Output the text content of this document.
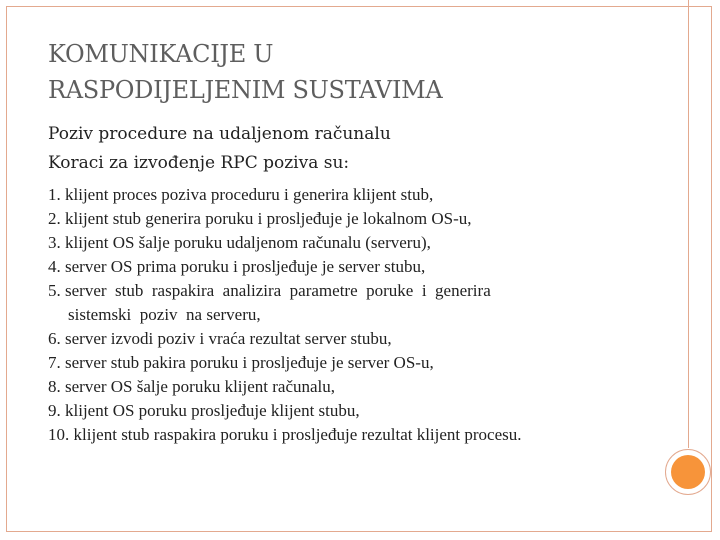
KOMUNIKACIJE U
RASPODIJELJENIM SUSTAVIMA
Poziv procedure na udaljenom računalu
Koraci za izvođenje RPC poziva su:
1. klijent proces poziva proceduru i generira klijent stub,
2. klijent stub generira poruku i prosljeđuje je lokalnom OS-u,
3. klijent OS šalje poruku udaljenom računalu (serveru),
4. server OS prima poruku i prosljeđuje je server stubu,
5. server  stub  raspakira  analizira  parametre  poruke  i  generira
sistemski  poziv  na serveru,
6. server izvodi poziv i vraća rezultat server stubu,
7. server stub pakira poruku i prosljeđuje je server OS-u,
8. server OS šalje poruku klijent računalu,
9. klijent OS poruku prosljeđuje klijent stubu,
10. klijent stub raspakira poruku i prosljeđuje rezultat klijent procesu.
